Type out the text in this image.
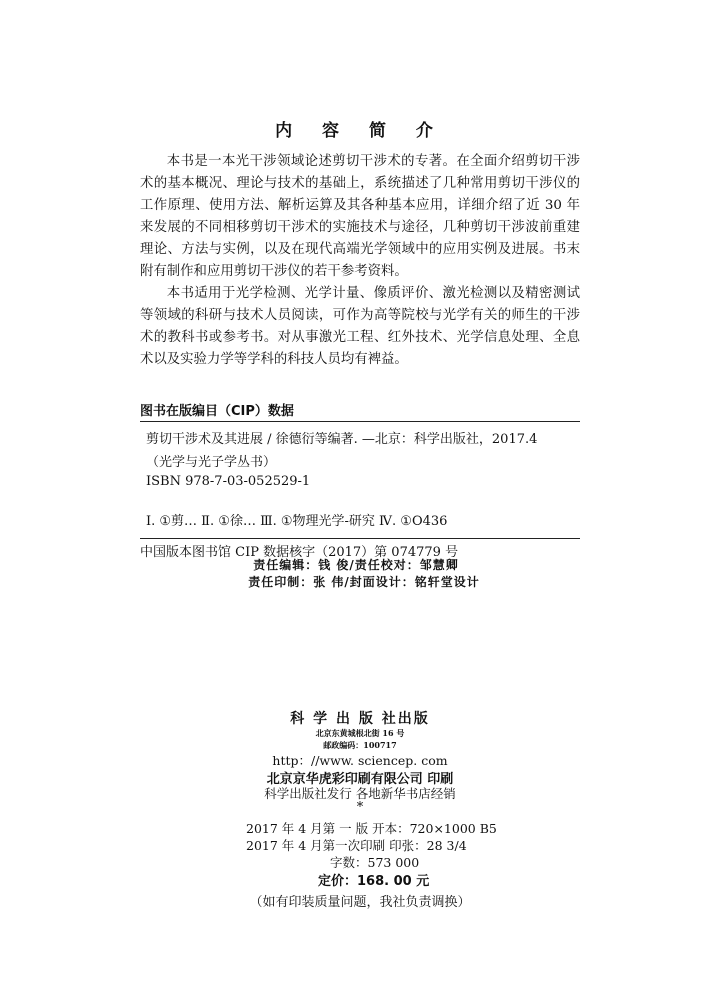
内 容 简 介

本书是一本光干涉领域论述剪切干涉术的专著。在全面介绍剪切干涉术的基本概况、理论与技术的基础上，系统描述了几种常用剪切干涉仪的工作原理、使用方法、解析运算及其各种基本应用，详细介绍了近 30 年来发展的不同相移剪切干涉术的实施技术与途径，几种剪切干涉波前重建理论、方法与实例，以及在现代高端光学领域中的应用实例及进展。书末附有制作和应用剪切干涉仪的若干参考资料。

本书适用于光学检测、光学计量、像质评价、激光检测以及精密测试等领域的科研与技术人员阅读，可作为高等院校与光学有关的师生的干涉术的教科书或参考书。对从事激光工程、红外技术、光学信息处理、全息术以及实验力学等学科的科技人员均有裨益。

图书在版编目（CIP）数据
剪切干涉术及其进展 / 徐德衍等编著. —北京：科学出版社，2017.4
（光学与光子学丛书）
ISBN 978-7-03-052529-1
Ⅰ. ①剪… Ⅱ. ①徐… Ⅲ. ①物理光学-研究 Ⅳ. ①O436
中国版本图书馆 CIP 数据核字（2017）第 074779 号
责任编辑：钱 俊/责任校对：邹慧卿
责任印制：张 伟/封面设计：铭轩堂设计
科 学 出 版 社出版
北京东黄城根北街 16 号
邮政编码：100717
http：//www. sciencep. com
北京京华虎彩印刷有限公司 印刷
科学出版社发行 各地新华书店经销
*
2017 年 4 月第 一 版 开本：720×1000 B5
2017 年 4 月第一次印刷 印张：28 3/4
字数：573 000
定价：168. 00 元
（如有印装质量问题，我社负责调换）
